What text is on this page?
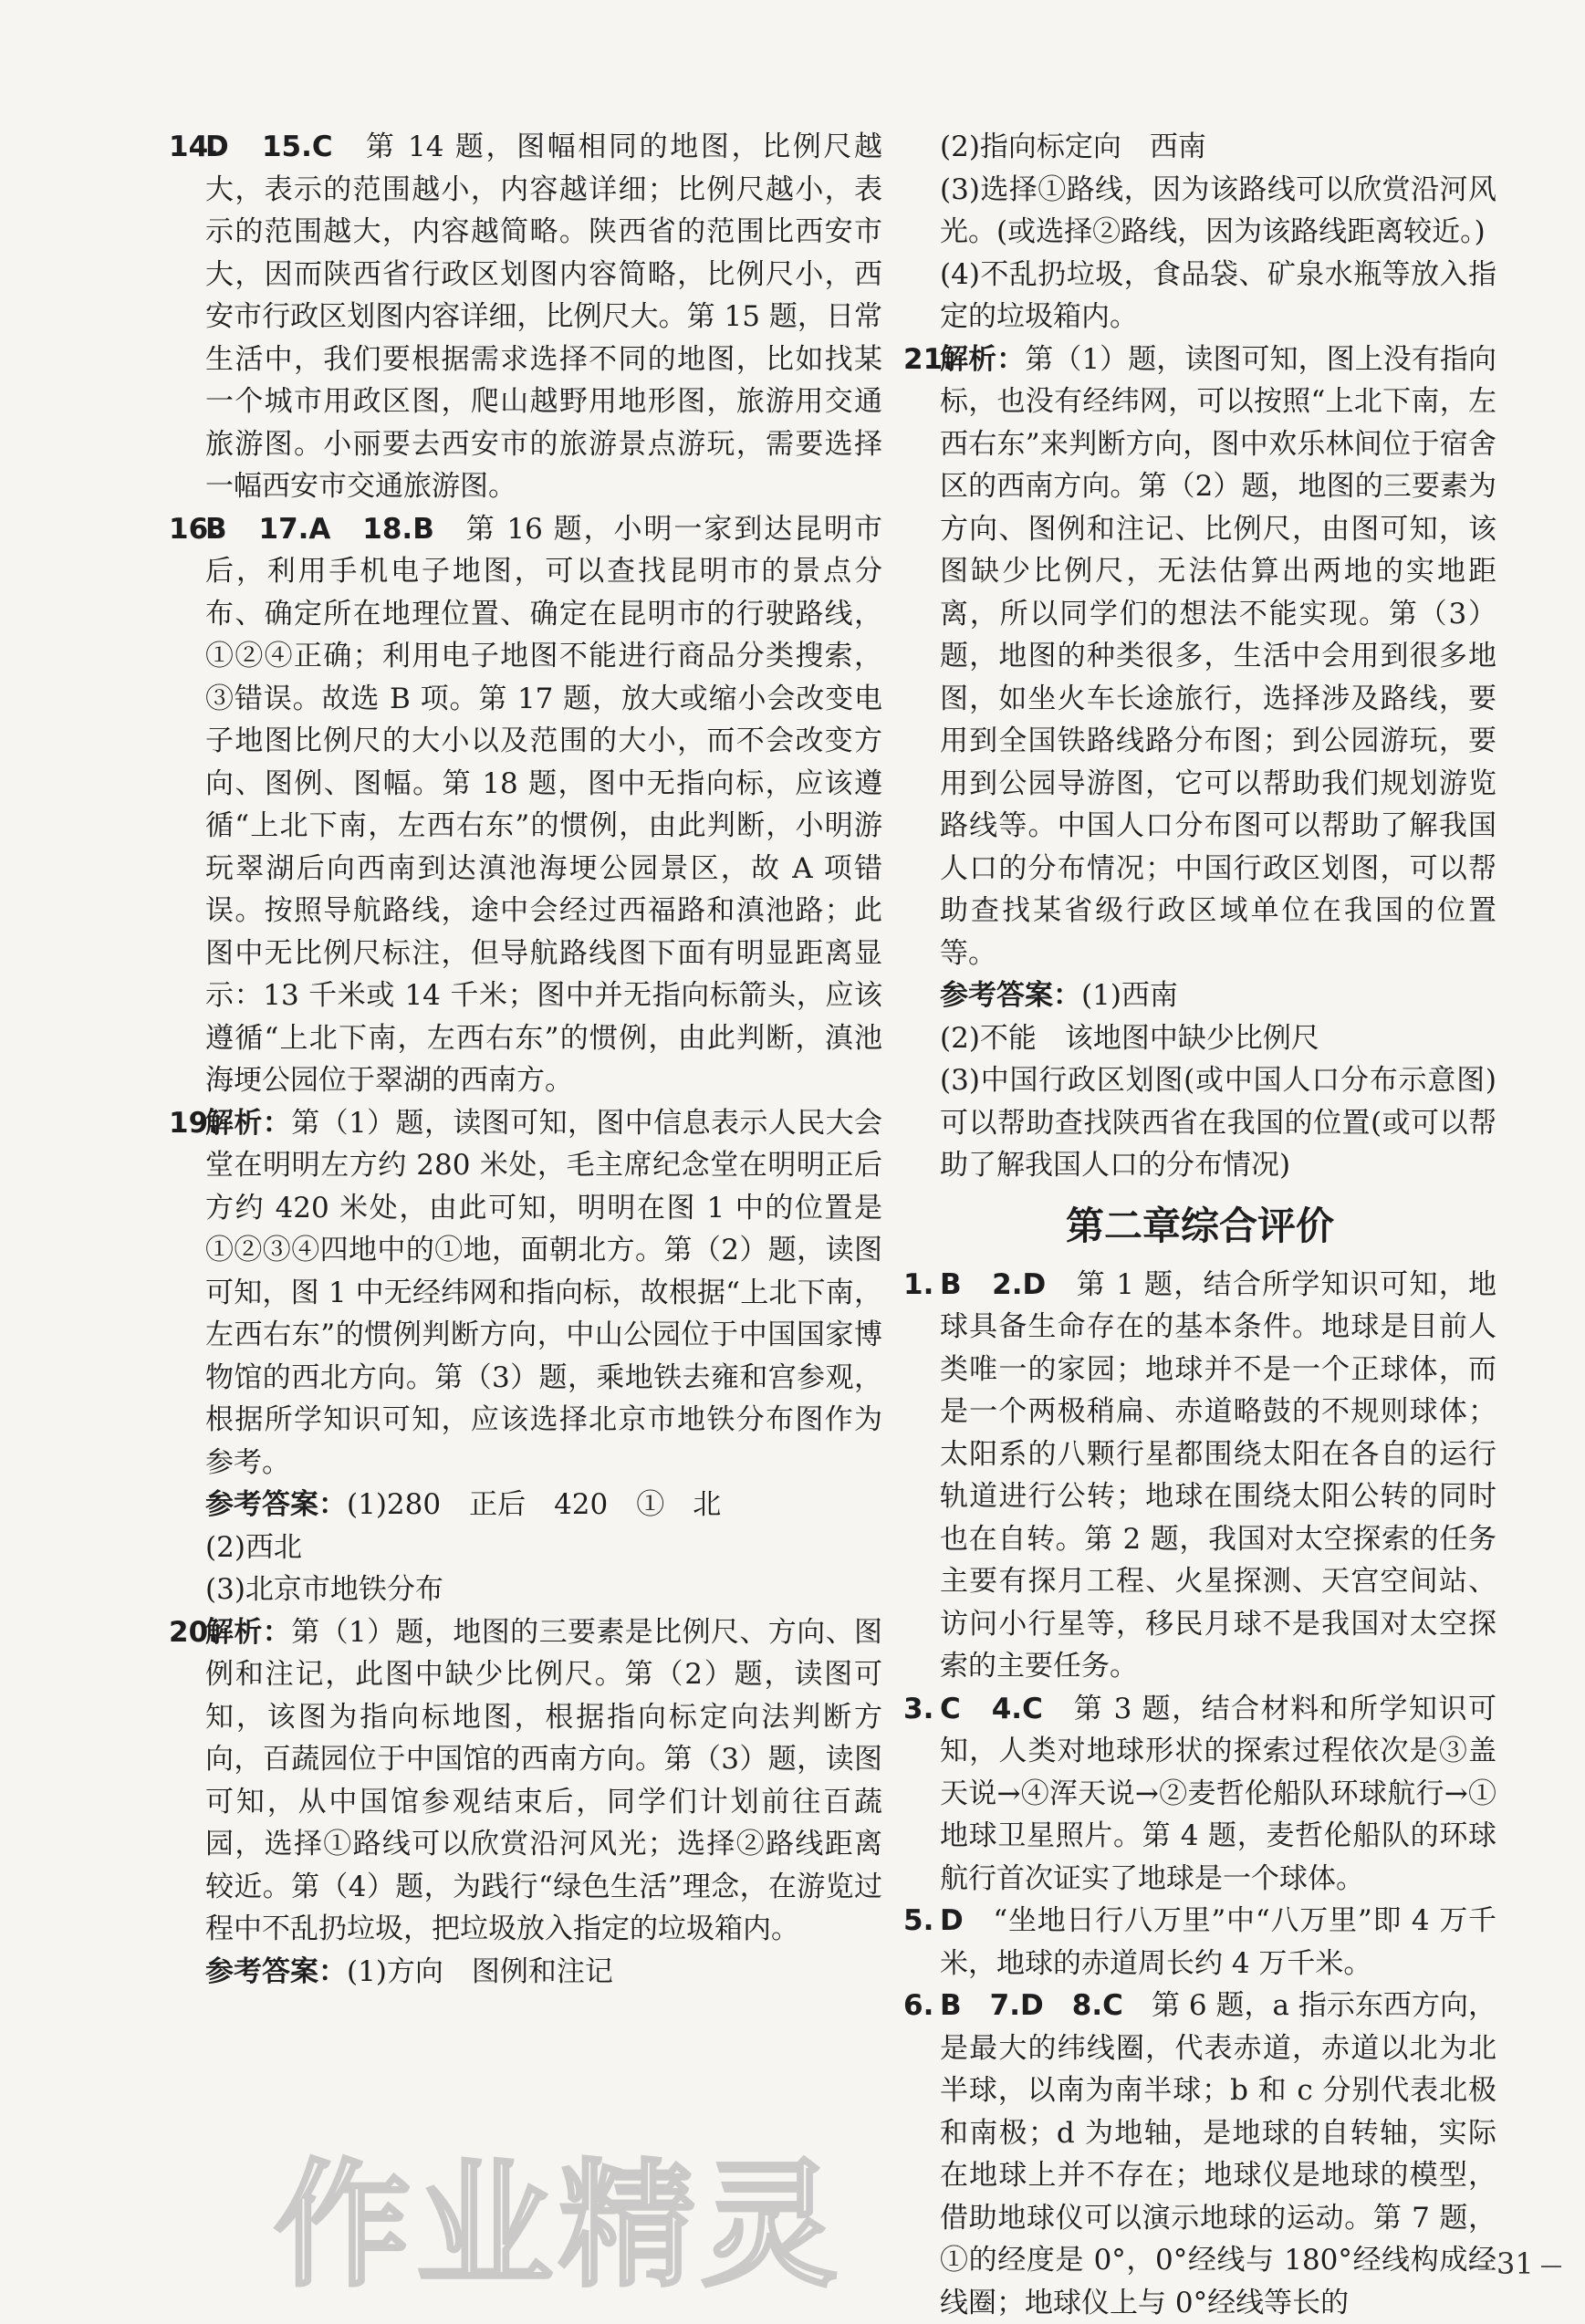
14.
D　15.C　第 14 题，图幅相同的地图，比例尺越大，表示的范围越小，内容越详细；比例尺越小，表示的范围越大，内容越简略。陕西省的范围比西安市大，因而陕西省行政区划图内容简略，比例尺小，西安市行政区划图内容详细，比例尺大。第 15 题，日常生活中，我们要根据需求选择不同的地图，比如找某一个城市用政区图，爬山越野用地形图，旅游用交通旅游图。小丽要去西安市的旅游景点游玩，需要选择一幅西安市交通旅游图。
16.
B　17.A　18.B　第 16 题，小明一家到达昆明市后，利用手机电子地图，可以查找昆明市的景点分布、确定所在地理位置、确定在昆明市的行驶路线，①②④正确；利用电子地图不能进行商品分类搜索，③错误。故选 B 项。第 17 题，放大或缩小会改变电子地图比例尺的大小以及范围的大小，而不会改变方向、图例、图幅。第 18 题，图中无指向标，应该遵循“上北下南，左西右东”的惯例，由此判断，小明游玩翠湖后向西南到达滇池海埂公园景区，故 A 项错误。按照导航路线，途中会经过西福路和滇池路；此图中无比例尺标注，但导航路线图下面有明显距离显示：13 千米或 14 千米；图中并无指向标箭头，应该遵循“上北下南，左西右东”的惯例，由此判断，滇池海埂公园位于翠湖的西南方。
19.
解析：第（1）题，读图可知，图中信息表示人民大会堂在明明左方约 280 米处，毛主席纪念堂在明明正后方约 420 米处，由此可知，明明在图 1 中的位置是①②③④四地中的①地，面朝北方。第（2）题，读图可知，图 1 中无经纬网和指向标，故根据“上北下南，左西右东”的惯例判断方向，中山公园位于中国国家博物馆的西北方向。第（3）题，乘地铁去雍和宫参观，根据所学知识可知，应该选择北京市地铁分布图作为参考。

参考答案：(1)280　正后　420　①　北

(2)西北

(3)北京市地铁分布

20.
解析：第（1）题，地图的三要素是比例尺、方向、图例和注记，此图中缺少比例尺。第（2）题，读图可知，该图为指向标地图，根据指向标定向法判断方向，百蔬园位于中国馆的西南方向。第（3）题，读图可知，从中国馆参观结束后，同学们计划前往百蔬园，选择①路线可以欣赏沿河风光；选择②路线距离较近。第（4）题，为践行“绿色生活”理念，在游览过程中不乱扔垃圾，把垃圾放入指定的垃圾箱内。

参考答案：(1)方向　图例和注记

(2)指向标定向　西南

(3)选择①路线，因为该路线可以欣赏沿河风光。(或选择②路线，因为该路线距离较近。)

(4)不乱扔垃圾，食品袋、矿泉水瓶等放入指定的垃圾箱内。

21.
解析：第（1）题，读图可知，图上没有指向标，也没有经纬网，可以按照“上北下南，左西右东”来判断方向，图中欢乐林间位于宿舍区的西南方向。第（2）题，地图的三要素为方向、图例和注记、比例尺，由图可知，该图缺少比例尺，无法估算出两地的实地距离，所以同学们的想法不能实现。第（3）题，地图的种类很多，生活中会用到很多地图，如坐火车长途旅行，选择涉及路线，要用到全国铁路线路分布图；到公园游玩，要用到公园导游图，它可以帮助我们规划游览路线等。中国人口分布图可以帮助了解我国人口的分布情况；中国行政区划图，可以帮助查找某省级行政区域单位在我国的位置等。

参考答案：(1)西南

(2)不能　该地图中缺少比例尺

(3)中国行政区划图(或中国人口分布示意图)可以帮助查找陕西省在我国的位置(或可以帮助了解我国人口的分布情况)

第二章综合评价
1. B　2.D　第 1 题，结合所学知识可知，地球具备生命存在的基本条件。地球是目前人类唯一的家园；地球并不是一个正球体，而是一个两极稍扁、赤道略鼓的不规则球体；太阳系的八颗行星都围绕太阳在各自的运行轨道进行公转；地球在围绕太阳公转的同时也在自转。第 2 题，我国对太空探索的任务主要有探月工程、火星探测、天宫空间站、访问小行星等，移民月球不是我国对太空探索的主要任务。
3. C　4.C　第 3 题，结合材料和所学知识可知，人类对地球形状的探索过程依次是③盖天说→④浑天说→②麦哲伦船队环球航行→①地球卫星照片。第 4 题，麦哲伦船队的环球航行首次证实了地球是一个球体。
5. D　“坐地日行八万里”中“八万里”即 4 万千米，地球的赤道周长约 4 万千米。
6. B　7.D　8.C　第 6 题，a 指示东西方向，是最大的纬线圈，代表赤道，赤道以北为北半球，以南为南半球；b 和 c 分别代表北极和南极；d 为地轴，是地球的自转轴，实际在地球上并不存在；地球仪是地球的模型，借助地球仪可以演示地球的运动。第 7 题，①的经度是 0°，0°经线与 180°经线构成经线圈；地球仪上与 0°经线等长的
作业精灵	31
